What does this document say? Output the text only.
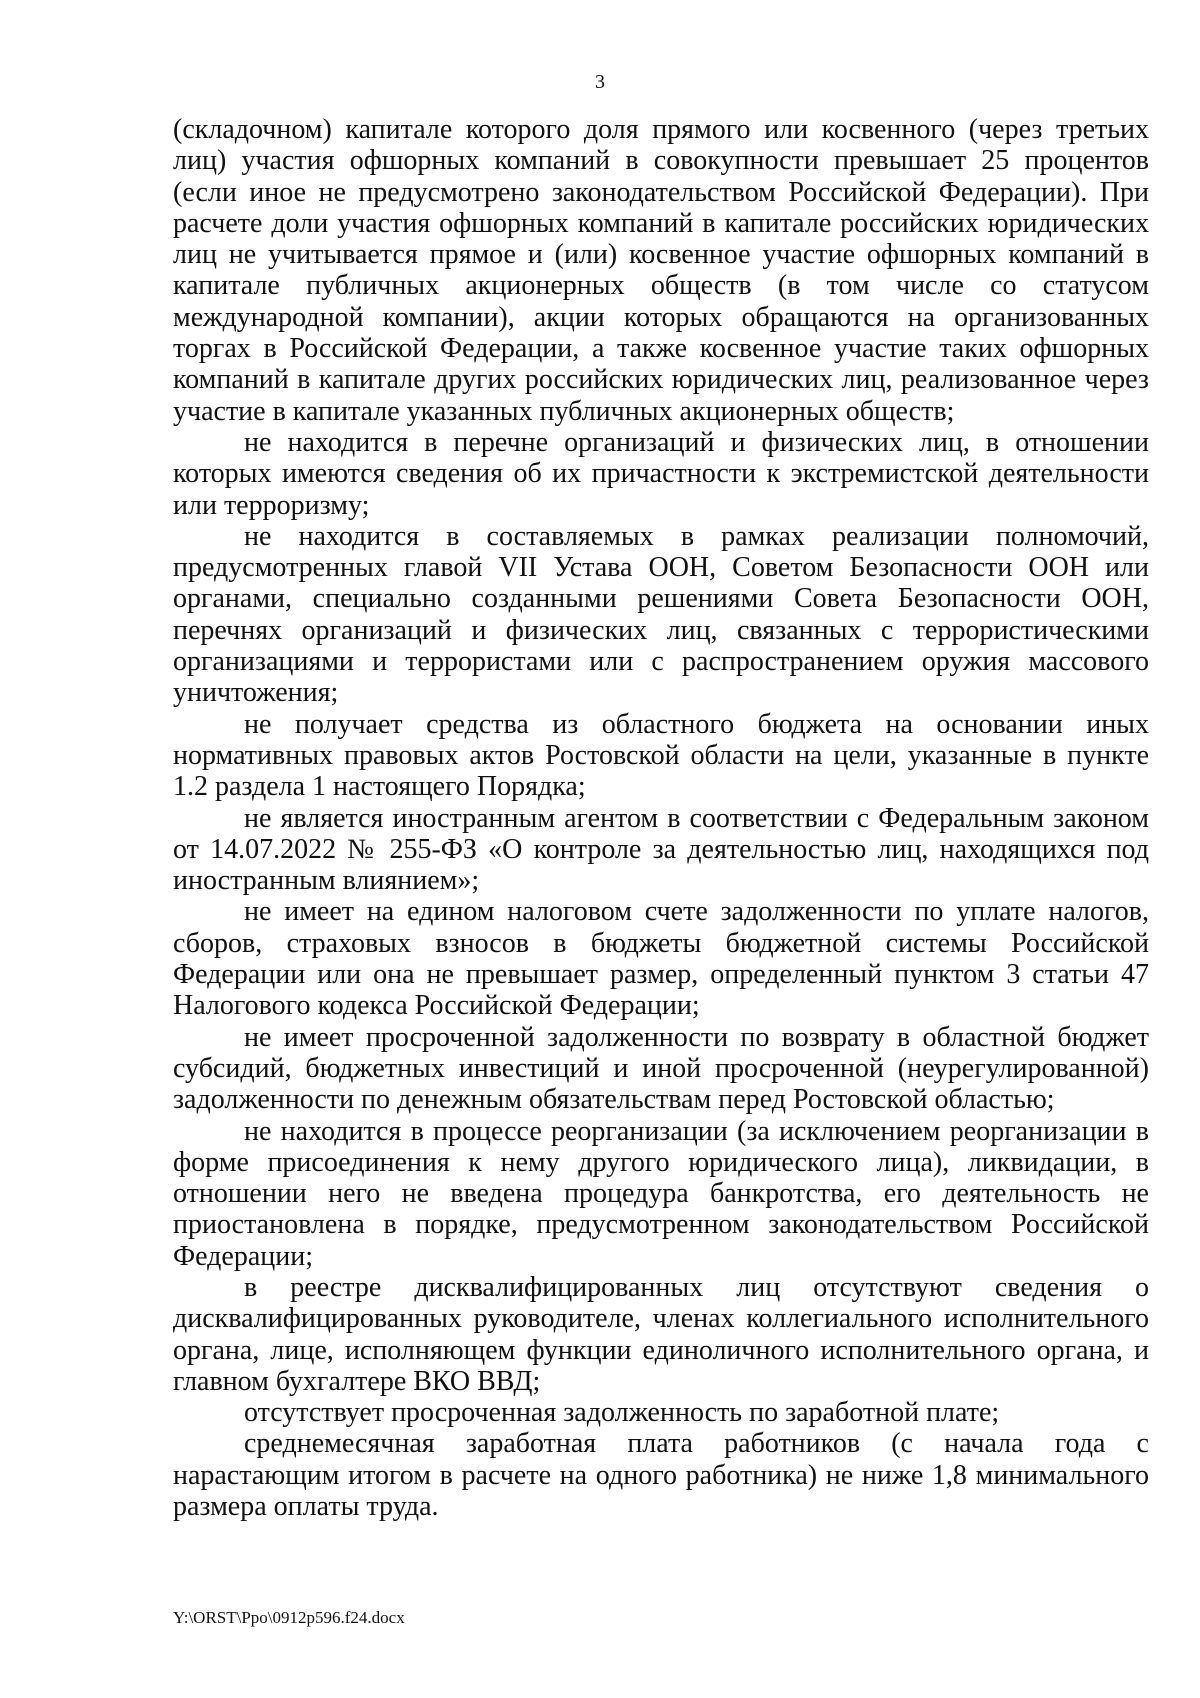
3

(складочном) капитале которого доля прямого или косвенного (через третьих лиц) участия офшорных компаний в совокупности превышает 25 процентов (если иное не предусмотрено законодательством Российской Федерации). При расчете доли участия офшорных компаний в капитале российских юридических лиц не учитывается прямое и (или) косвенное участие офшорных компаний в капитале публичных акционерных обществ (в том числе со статусом международной компании), акции которых обращаются на организованных торгах в Российской Федерации, а также косвенное участие таких офшорных компаний в капитале других российских юридических лиц, реализованное через участие в капитале указанных публичных акционерных обществ;

не находится в перечне организаций и физических лиц, в отношении которых имеются сведения об их причастности к экстремистской деятельности или терроризму;

не находится в составляемых в рамках реализации полномочий, предусмотренных главой VII Устава ООН, Советом Безопасности ООН или органами, специально созданными решениями Совета Безопасности ООН, перечнях организаций и физических лиц, связанных с террористическими организациями и террористами или с распространением оружия массового уничтожения;

не получает средства из областного бюджета на основании иных нормативных правовых актов Ростовской области на цели, указанные в пункте 1.2 раздела 1 настоящего Порядка;

не является иностранным агентом в соответствии с Федеральным законом от 14.07.2022 № 255-ФЗ «О контроле за деятельностью лиц, находящихся под иностранным влиянием»;

не имеет на едином налоговом счете задолженности по уплате налогов, сборов, страховых взносов в бюджеты бюджетной системы Российской Федерации или она не превышает размер, определенный пунктом 3 статьи 47 Налогового кодекса Российской Федерации;

не имеет просроченной задолженности по возврату в областной бюджет субсидий, бюджетных инвестиций и иной просроченной (неурегулированной) задолженности по денежным обязательствам перед Ростовской областью;

не находится в процессе реорганизации (за исключением реорганизации в форме присоединения к нему другого юридического лица), ликвидации, в отношении него не введена процедура банкротства, его деятельность не приостановлена в порядке, предусмотренном законодательством Российской Федерации;

в реестре дисквалифицированных лиц отсутствуют сведения о дисквалифицированных руководителе, членах коллегиального исполнительного органа, лице, исполняющем функции единоличного исполнительного органа, и главном бухгалтере ВКО ВВД;

отсутствует просроченная задолженность по заработной плате;

среднемесячная заработная плата работников (с начала года с нарастающим итогом в расчете на одного работника) не ниже 1,8 минимального размера оплаты труда.

Y:\ORST\Ppo\0912p596.f24.docx
